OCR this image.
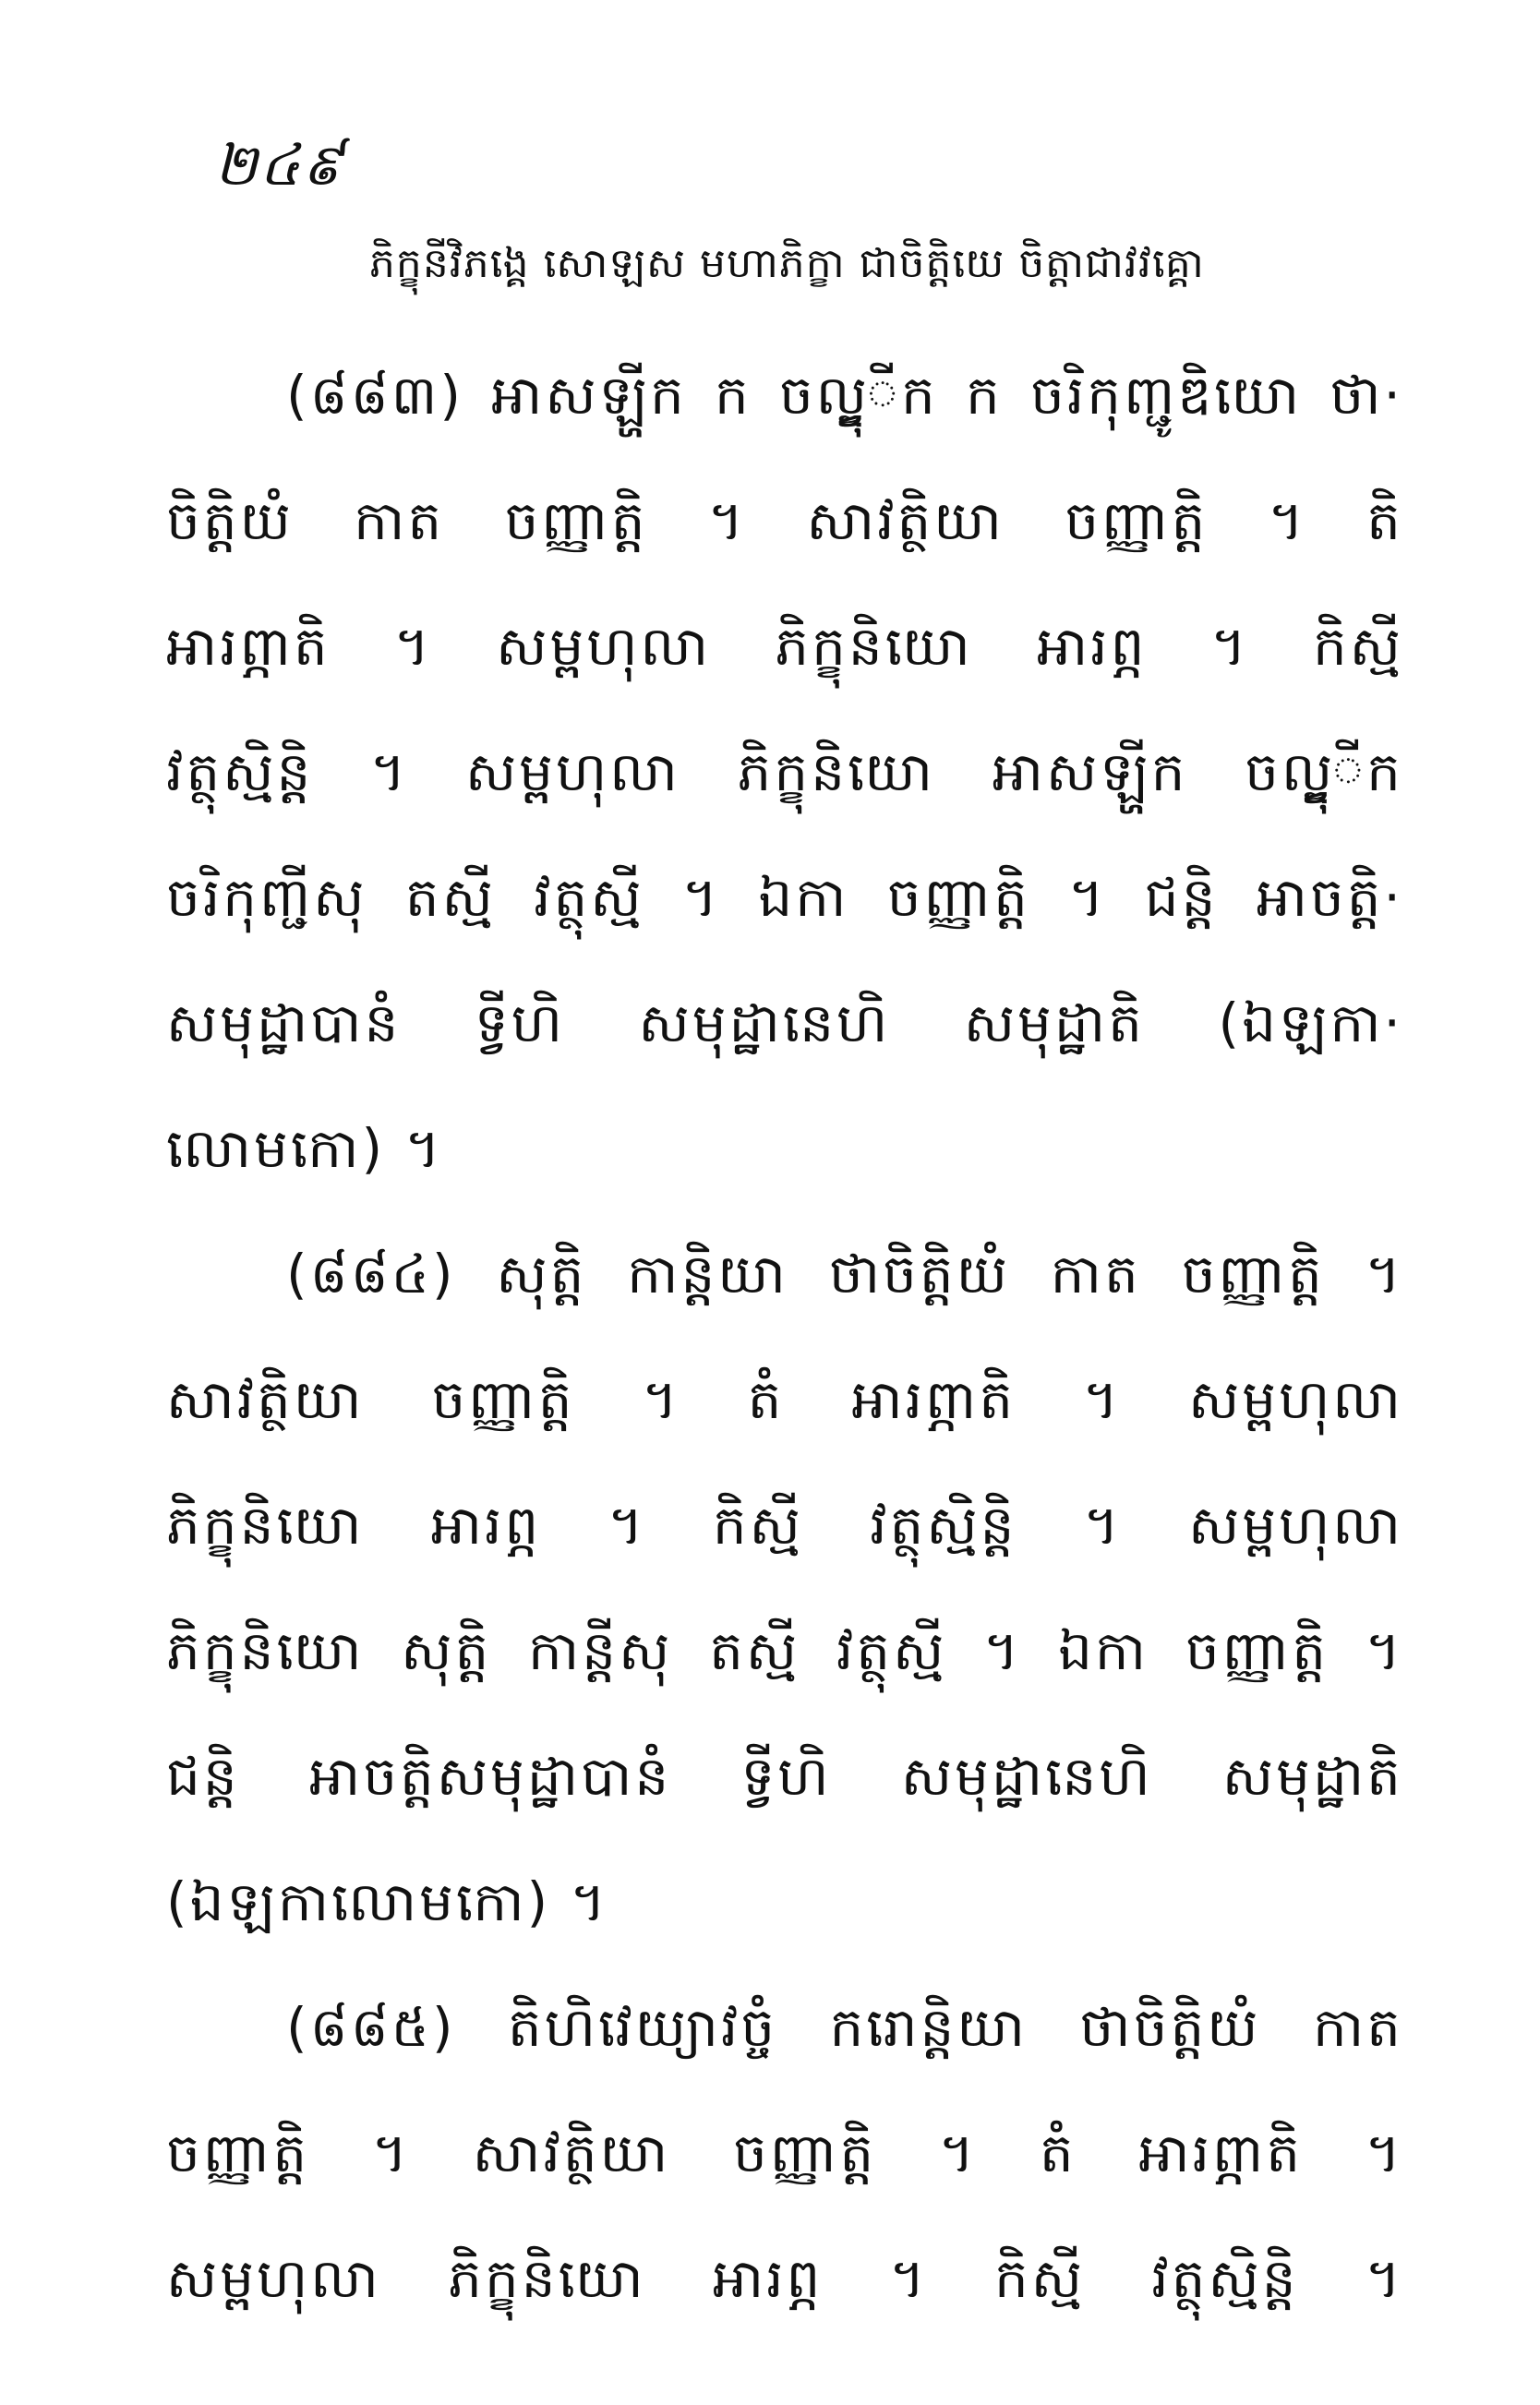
២៤៩
ភិក្ខុនីវិភង្គេ សោឡស មហាភិក្ខា ជាចិត្តិយេ ចិត្តាជាវវគ្គោ
(៨៨៣) អាសឡ្ហីក ក ចល្វុ្ឌីក ក ចរិកុញ្ជូឌិយោ ថា·
ចិត្តិយំ កាត ចញ្ញាត្តិ ។ សាវត្ថិយា ចញ្ញាត្តិ ។ តិ
អារព្ភាតិ ។ សម្ពហុលា ភិក្ខុនិយោ អារព្ភ ។ កិស្មី
វត្ថុស្មិន្តិ ។ សម្ពហុលា ភិក្ខុនិយោ អាសឡ្ហីក ចល្វុ្ឌីក
ចរិកុញ្ជីសុ តស្មី វត្ថុស្មី ។ ឯកា ចញ្ញាត្តិ ។ ជន្តិ អាចត្តិ·
សមុដ្ឋាបានំ ទ្វីហិ សមុដ្ឋានេហិ សមុដ្ឋាតិ (ឯឡកា·
លោមកោ) ។
(៨៨៤) សុត្តិ កាន្តិយា ថាចិត្តិយំ កាត ចញ្ញាត្តិ ។
សាវត្ថិយា ចញ្ញាត្តិ ។ តំ អារព្ភាតិ ។ សម្ពហុលា
ភិក្ខុនិយោ អារព្ភ ។ កិស្មី វត្ថុស្មិន្តិ ។ សម្ពហុលា
ភិក្ខុនិយោ សុត្តិ កាន្តីសុ តស្មី វត្ថុស្មី ។ ឯកា ចញ្ញាត្តិ ។
ជន្តិ អាចត្តិសមុដ្ឋាបានំ ទ្វីហិ សមុដ្ឋានេហិ សមុដ្ឋាតិ
(ឯឡកាលោមកោ) ។
(៨៨៥) តិហិវេយ្យាវច្ចំ ករោន្តិយា ថាចិត្តិយំ កាត
ចញ្ញាត្តិ ។ សាវត្ថិយា ចញ្ញាត្តិ ។ តំ អារព្ភាតិ ។
សម្ពហុលា ភិក្ខុនិយោ អារព្ភ ។ កិស្មី វត្ថុស្មិន្តិ ។
